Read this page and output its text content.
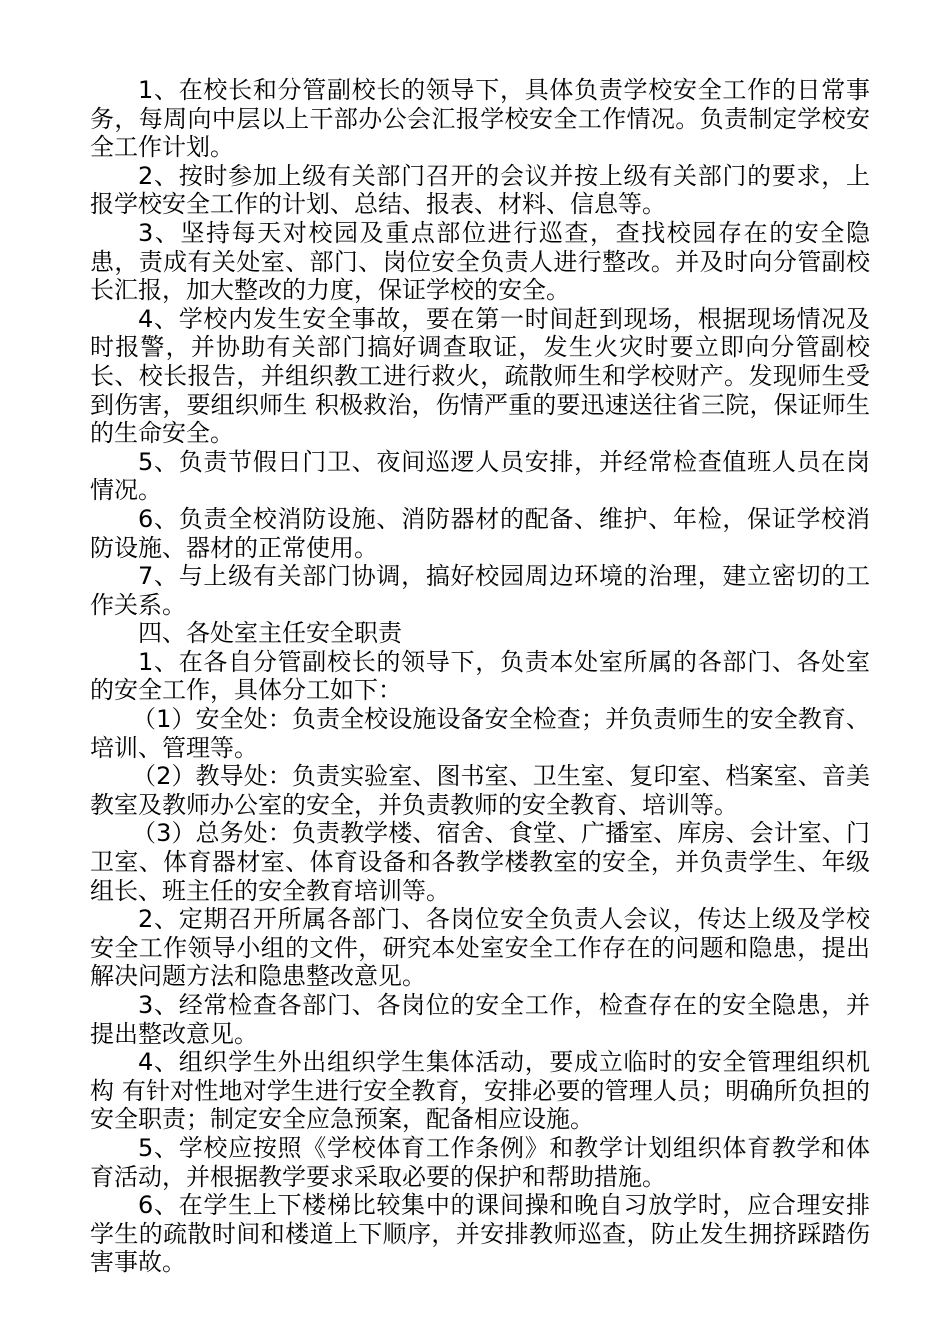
1、在校长和分管副校长的领导下，具体负责学校安全工作的日常事务，每周向中层以上干部办公会汇报学校安全工作情况。负责制定学校安全工作计划。

2、按时参加上级有关部门召开的会议并按上级有关部门的要求，上报学校安全工作的计划、总结、报表、材料、信息等。

3、坚持每天对校园及重点部位进行巡查，查找校园存在的安全隐患，责成有关处室、部门、岗位安全负责人进行整改。并及时向分管副校长汇报，加大整改的力度，保证学校的安全。

4、学校内发生安全事故，要在第一时间赶到现场，根据现场情况及时报警，并协助有关部门搞好调查取证，发生火灾时要立即向分管副校长、校长报告，并组织教工进行救火，疏散师生和学校财产。发现师生受到伤害，要组织师生 积极救治，伤情严重的要迅速送往省三院，保证师生的生命安全。

5、负责节假日门卫、夜间巡逻人员安排，并经常检查值班人员在岗情况。

6、负责全校消防设施、消防器材的配备、维护、年检，保证学校消防设施、器材的正常使用。

7、与上级有关部门协调，搞好校园周边环境的治理，建立密切的工作关系。

四、各处室主任安全职责

1、在各自分管副校长的领导下，负责本处室所属的各部门、各处室的安全工作，具体分工如下：

（1）安全处：负责全校设施设备安全检查；并负责师生的安全教育、培训、管理等。

（2）教导处：负责实验室、图书室、卫生室、复印室、档案室、音美教室及教师办公室的安全，并负责教师的安全教育、培训等。

（3）总务处：负责教学楼、宿舍、食堂、广播室、库房、会计室、门卫室、体育器材室、体育设备和各教学楼教室的安全，并负责学生、年级组长、班主任的安全教育培训等。

2、定期召开所属各部门、各岗位安全负责人会议，传达上级及学校安全工作领导小组的文件，研究本处室安全工作存在的问题和隐患，提出解决问题方法和隐患整改意见。

3、经常检查各部门、各岗位的安全工作，检查存在的安全隐患，并提出整改意见。

4、组织学生外出组织学生集体活动，要成立临时的安全管理组织机构 有针对性地对学生进行安全教育，安排必要的管理人员；明确所负担的安全职责；制定安全应急预案，配备相应设施。

5、学校应按照《学校体育工作条例》和教学计划组织体育教学和体育活动，并根据教学要求采取必要的保护和帮助措施。

6、在学生上下楼梯比较集中的课间操和晚自习放学时，应合理安排学生的疏散时间和楼道上下顺序，并安排教师巡查，防止发生拥挤踩踏伤害事故。
